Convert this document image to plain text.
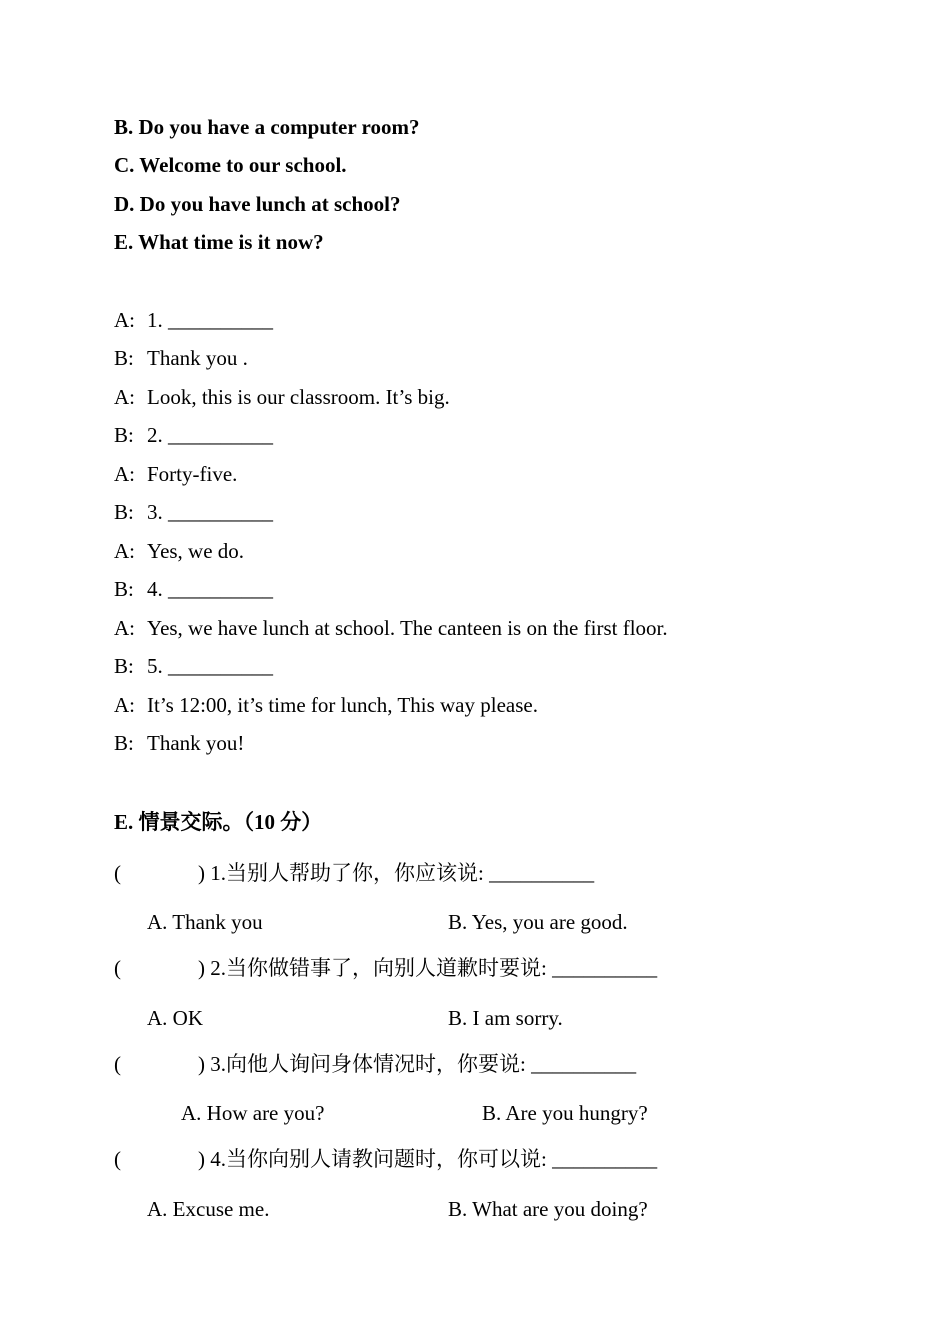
B. Do you have a computer room?
C. Welcome to our school.
D. Do you have lunch at school?
E. What time is it now?
A: 1. __________
B: Thank you .
A: Look, this is our classroom. It’s big.
B: 2. __________
A: Forty-five.
B: 3. __________
A: Yes, we do.
B: 4. __________
A: Yes, we have lunch at school. The canteen is on the first floor.
B: 5. __________
A: It’s 12:00, it’s time for lunch, This way please.
B: Thank you!
E. 情景交际。（10 分）
(	) 1.当别人帮助了你，你应该说: __________
A. Thank you	B. Yes, you are good.
(	) 2.当你做错事了，向别人道歉时要说: __________
A. OK	B. I am sorry.
(	) 3.向他人询问身体情况时，你要说: __________
A. How are you?	B. Are you hungry?
(	) 4.当你向别人请教问题时，你可以说: __________
A. Excuse me.	B. What are you doing?
